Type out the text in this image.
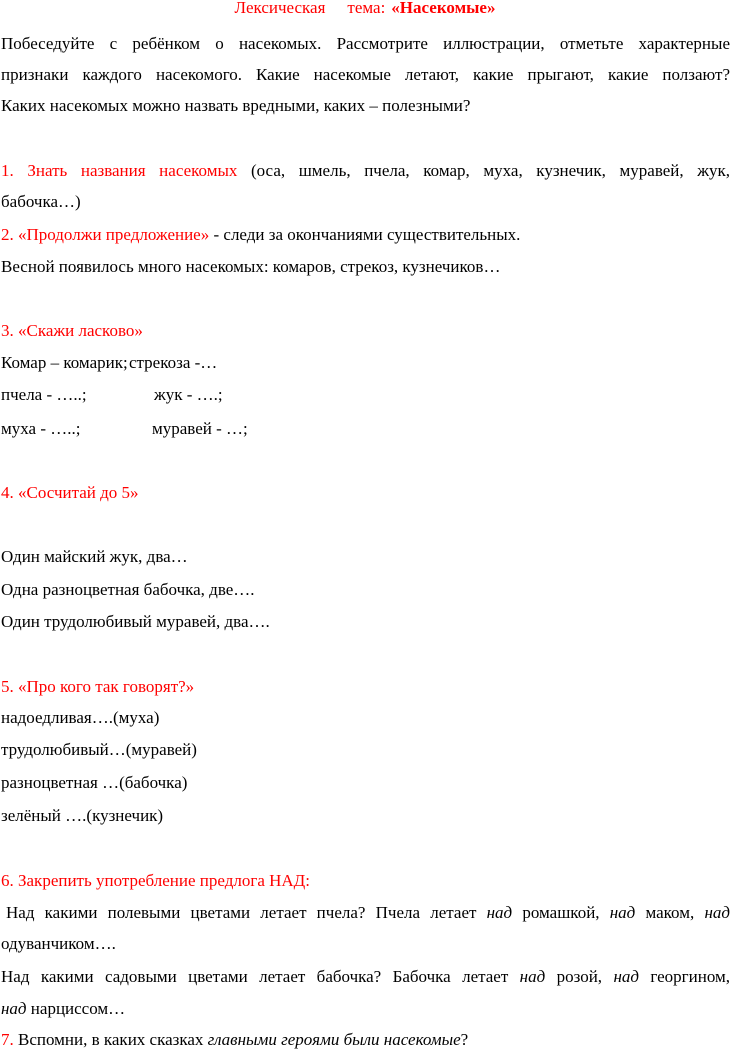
Лексическая тема: «Насекомые»
Побеседуйте с ребёнком о насекомых. Рассмотрите иллюстрации, отметьте характерные
признаки каждого насекомого. Какие насекомые летают, какие прыгают, какие ползают?
Каких насекомых можно назвать вредными, каких – полезными?
1. Знать названия насекомых (оса, шмель, пчела, комар, муха, кузнечик, муравей, жук,
бабочка…)
2. «Продолжи предложение» - следи за окончаниями существительных.
Весной появилось много насекомых: комаров, стрекоз, кузнечиков…
3. «Скажи ласково»
Комар – комарик; стрекоза -…
пчела - …..;	жук - ….;
муха - …..;	муравей - …;
4. «Сосчитай до 5»
Один майский жук, два…
Одна разноцветная бабочка, две….
Один трудолюбивый муравей, два….
5. «Про кого так говорят?»
надоедливая….(муха)
трудолюбивый…(муравей)
разноцветная …(бабочка)
зелёный ….(кузнечик)
6. Закрепить употребление предлога НАД:
Над какими полевыми цветами летает пчела? Пчела летает над ромашкой, над маком, над
одуванчиком….
Над какими садовыми цветами летает бабочка? Бабочка летает над розой, над георгином,
над нарциссом…
7. Вспомни, в каких сказках главными героями были насекомые?
